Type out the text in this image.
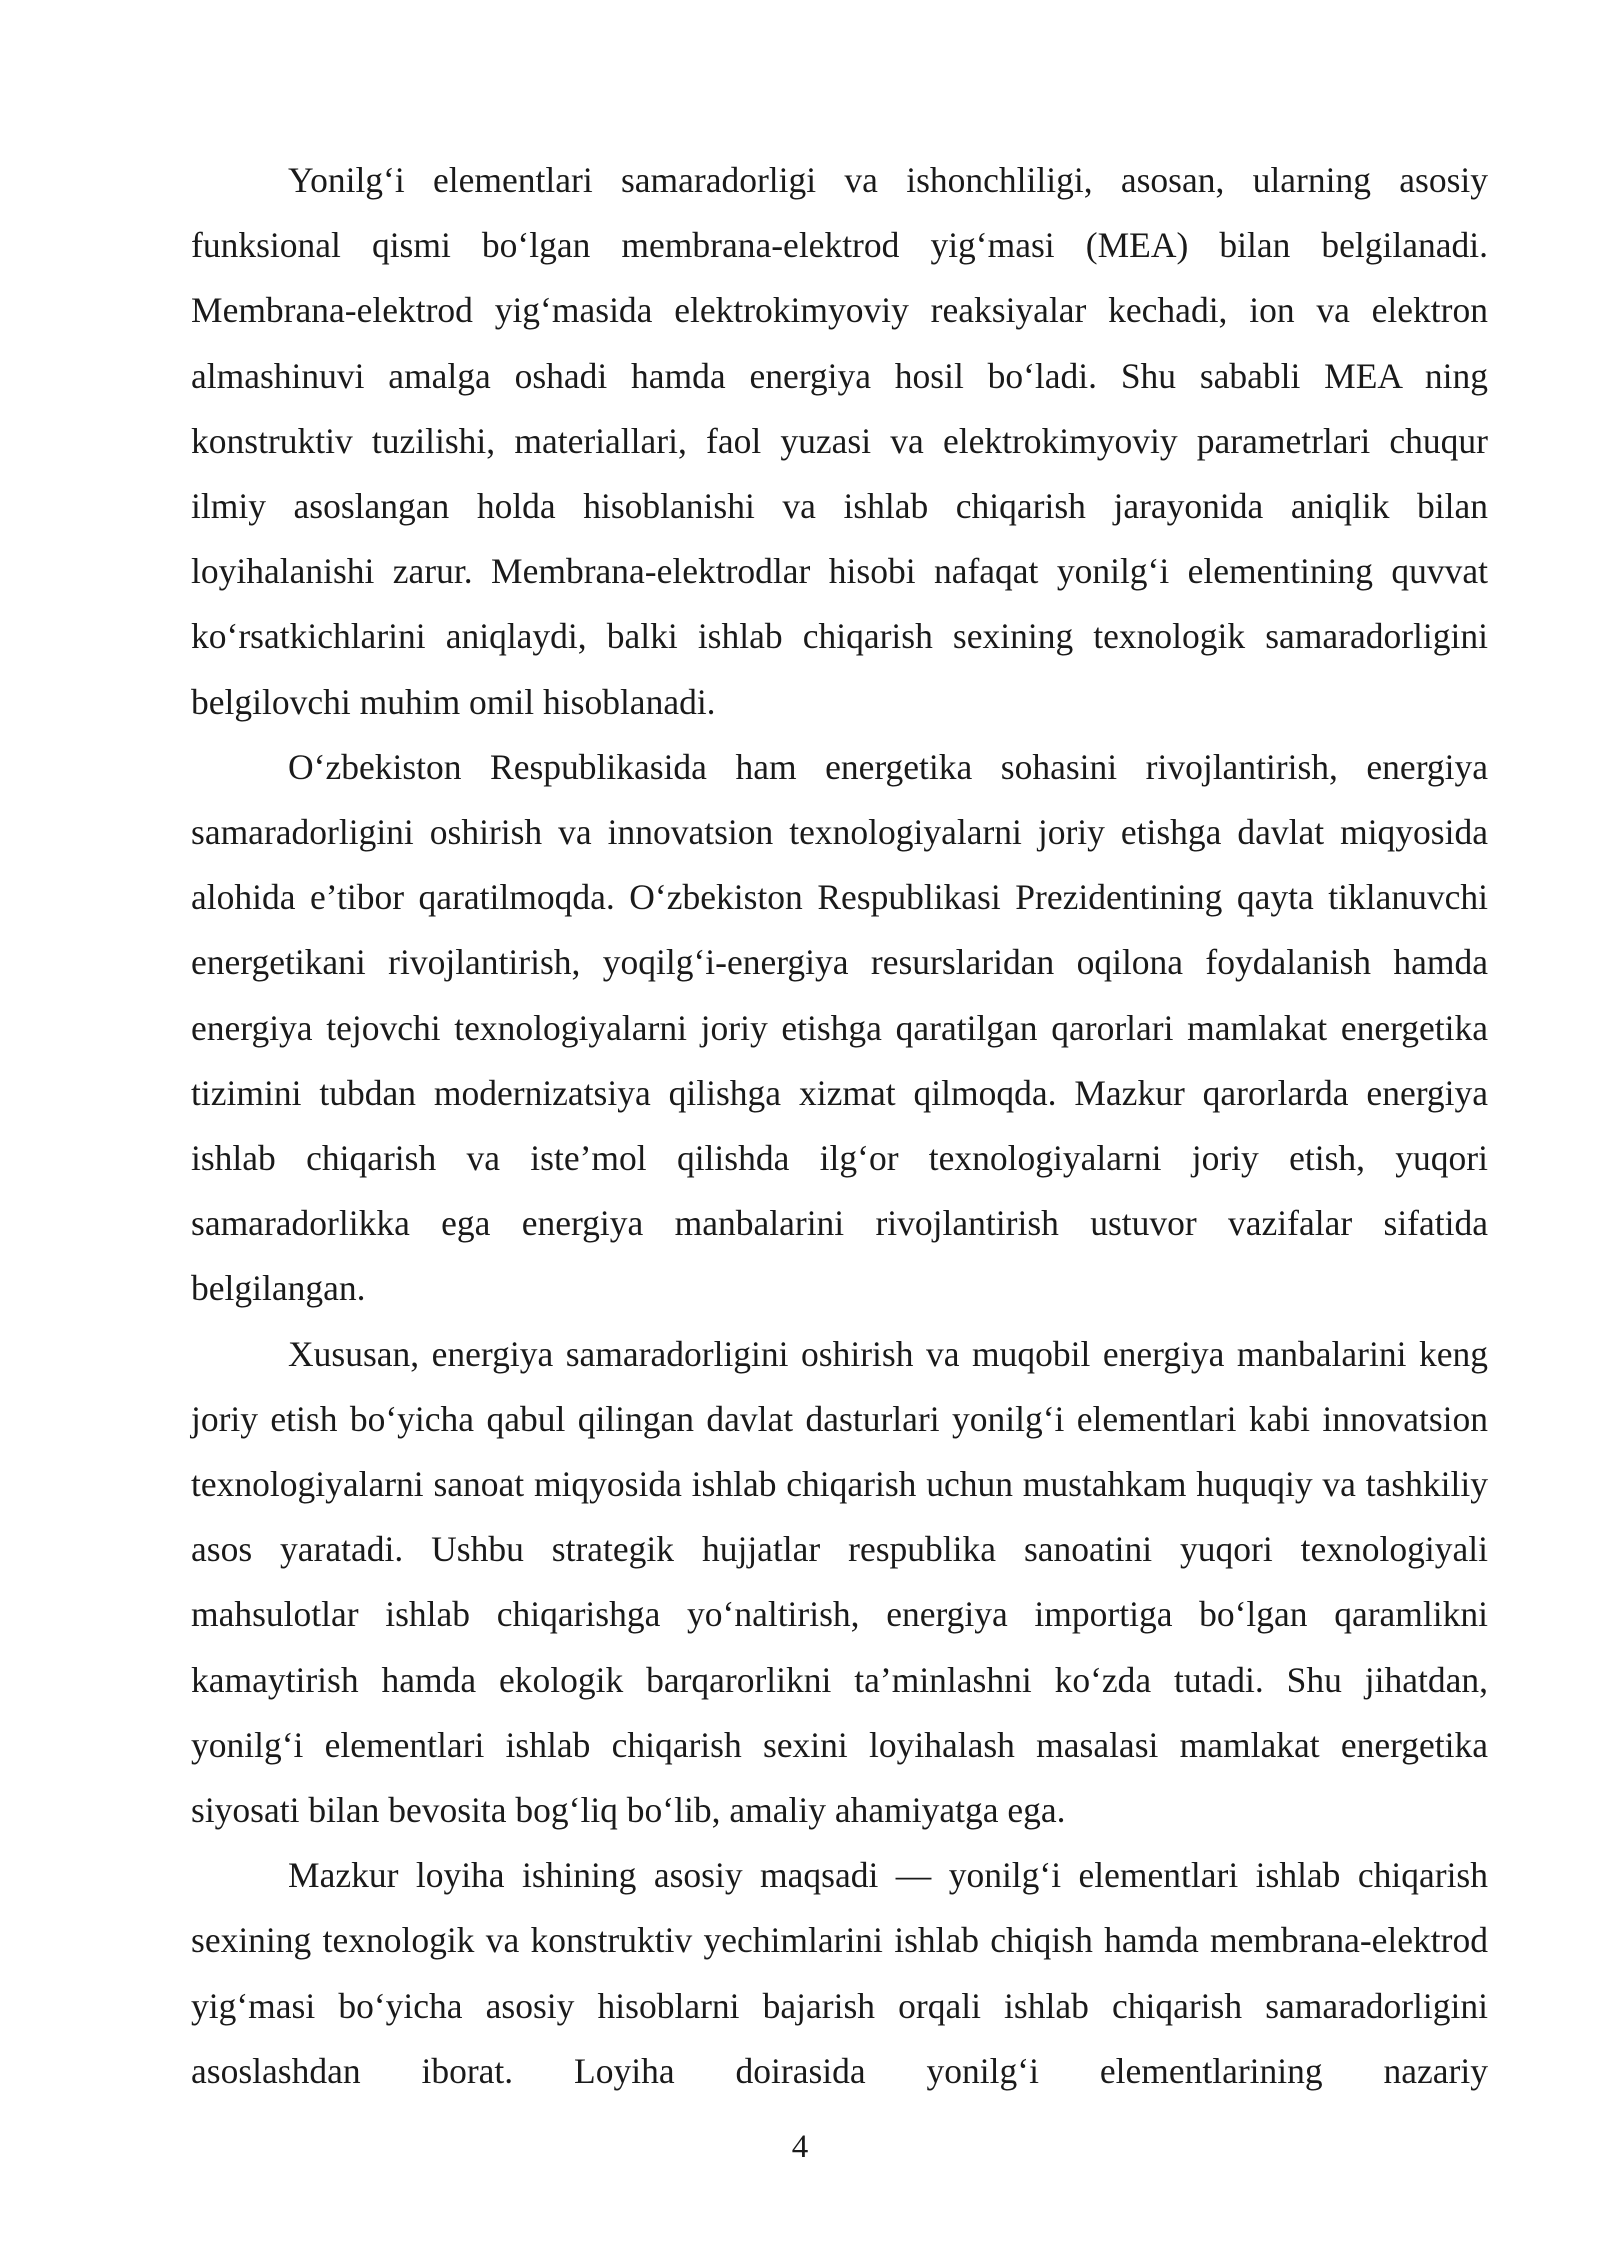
Yonilg‘i elementlari samaradorligi va ishonchliligi, asosan, ularning asosiy funksional qismi bo‘lgan membrana-elektrod yig‘masi (MEA) bilan belgilanadi. Membrana-elektrod yig‘masida elektrokimyoviy reaksiyalar kechadi, ion va elektron almashinuvi amalga oshadi hamda energiya hosil bo‘ladi. Shu sababli MEA ning konstruktiv tuzilishi, materiallari, faol yuzasi va elektrokimyoviy parametrlari chuqur ilmiy asoslangan holda hisoblanishi va ishlab chiqarish jarayonida aniqlik bilan loyihalanishi zarur. Membrana-elektrodlar hisobi nafaqat yonilg‘i elementining quvvat ko‘rsatkichlarini aniqlaydi, balki ishlab chiqarish sexining texnologik samaradorligini belgilovchi muhim omil hisoblanadi.

O‘zbekiston Respublikasida ham energetika sohasini rivojlantirish, energiya samaradorligini oshirish va innovatsion texnologiyalarni joriy etishga davlat miqyosida alohida e’tibor qaratilmoqda. O‘zbekiston Respublikasi Prezidentining qayta tiklanuvchi energetikani rivojlantirish, yoqilg‘i-energiya resurslaridan oqilona foydalanish hamda energiya tejovchi texnologiyalarni joriy etishga qaratilgan qarorlari mamlakat energetika tizimini tubdan modernizatsiya qilishga xizmat qilmoqda. Mazkur qarorlarda energiya ishlab chiqarish va iste’mol qilishda ilg‘or texnologiyalarni joriy etish, yuqori samaradorlikka ega energiya manbalarini rivojlantirish ustuvor vazifalar sifatida belgilangan.

Xususan, energiya samaradorligini oshirish va muqobil energiya manbalarini keng joriy etish bo‘yicha qabul qilingan davlat dasturlari yonilg‘i elementlari kabi innovatsion texnologiyalarni sanoat miqyosida ishlab chiqarish uchun mustahkam huquqiy va tashkiliy asos yaratadi. Ushbu strategik hujjatlar respublika sanoatini yuqori texnologiyali mahsulotlar ishlab chiqarishga yo‘naltirish, energiya importiga bo‘lgan qaramlikni kamaytirish hamda ekologik barqarorlikni ta’minlashni ko‘zda tutadi. Shu jihatdan, yonilg‘i elementlari ishlab chiqarish sexini loyihalash masalasi mamlakat energetika siyosati bilan bevosita bog‘liq bo‘lib, amaliy ahamiyatga ega.

Mazkur loyiha ishining asosiy maqsadi — yonilg‘i elementlari ishlab chiqarish sexining texnologik va konstruktiv yechimlarini ishlab chiqish hamda membrana-elektrod yig‘masi bo‘yicha asosiy hisoblarni bajarish orqali ishlab chiqarish samaradorligini asoslashdan iborat. Loyiha doirasida yonilg‘i elementlarining nazariy

4
